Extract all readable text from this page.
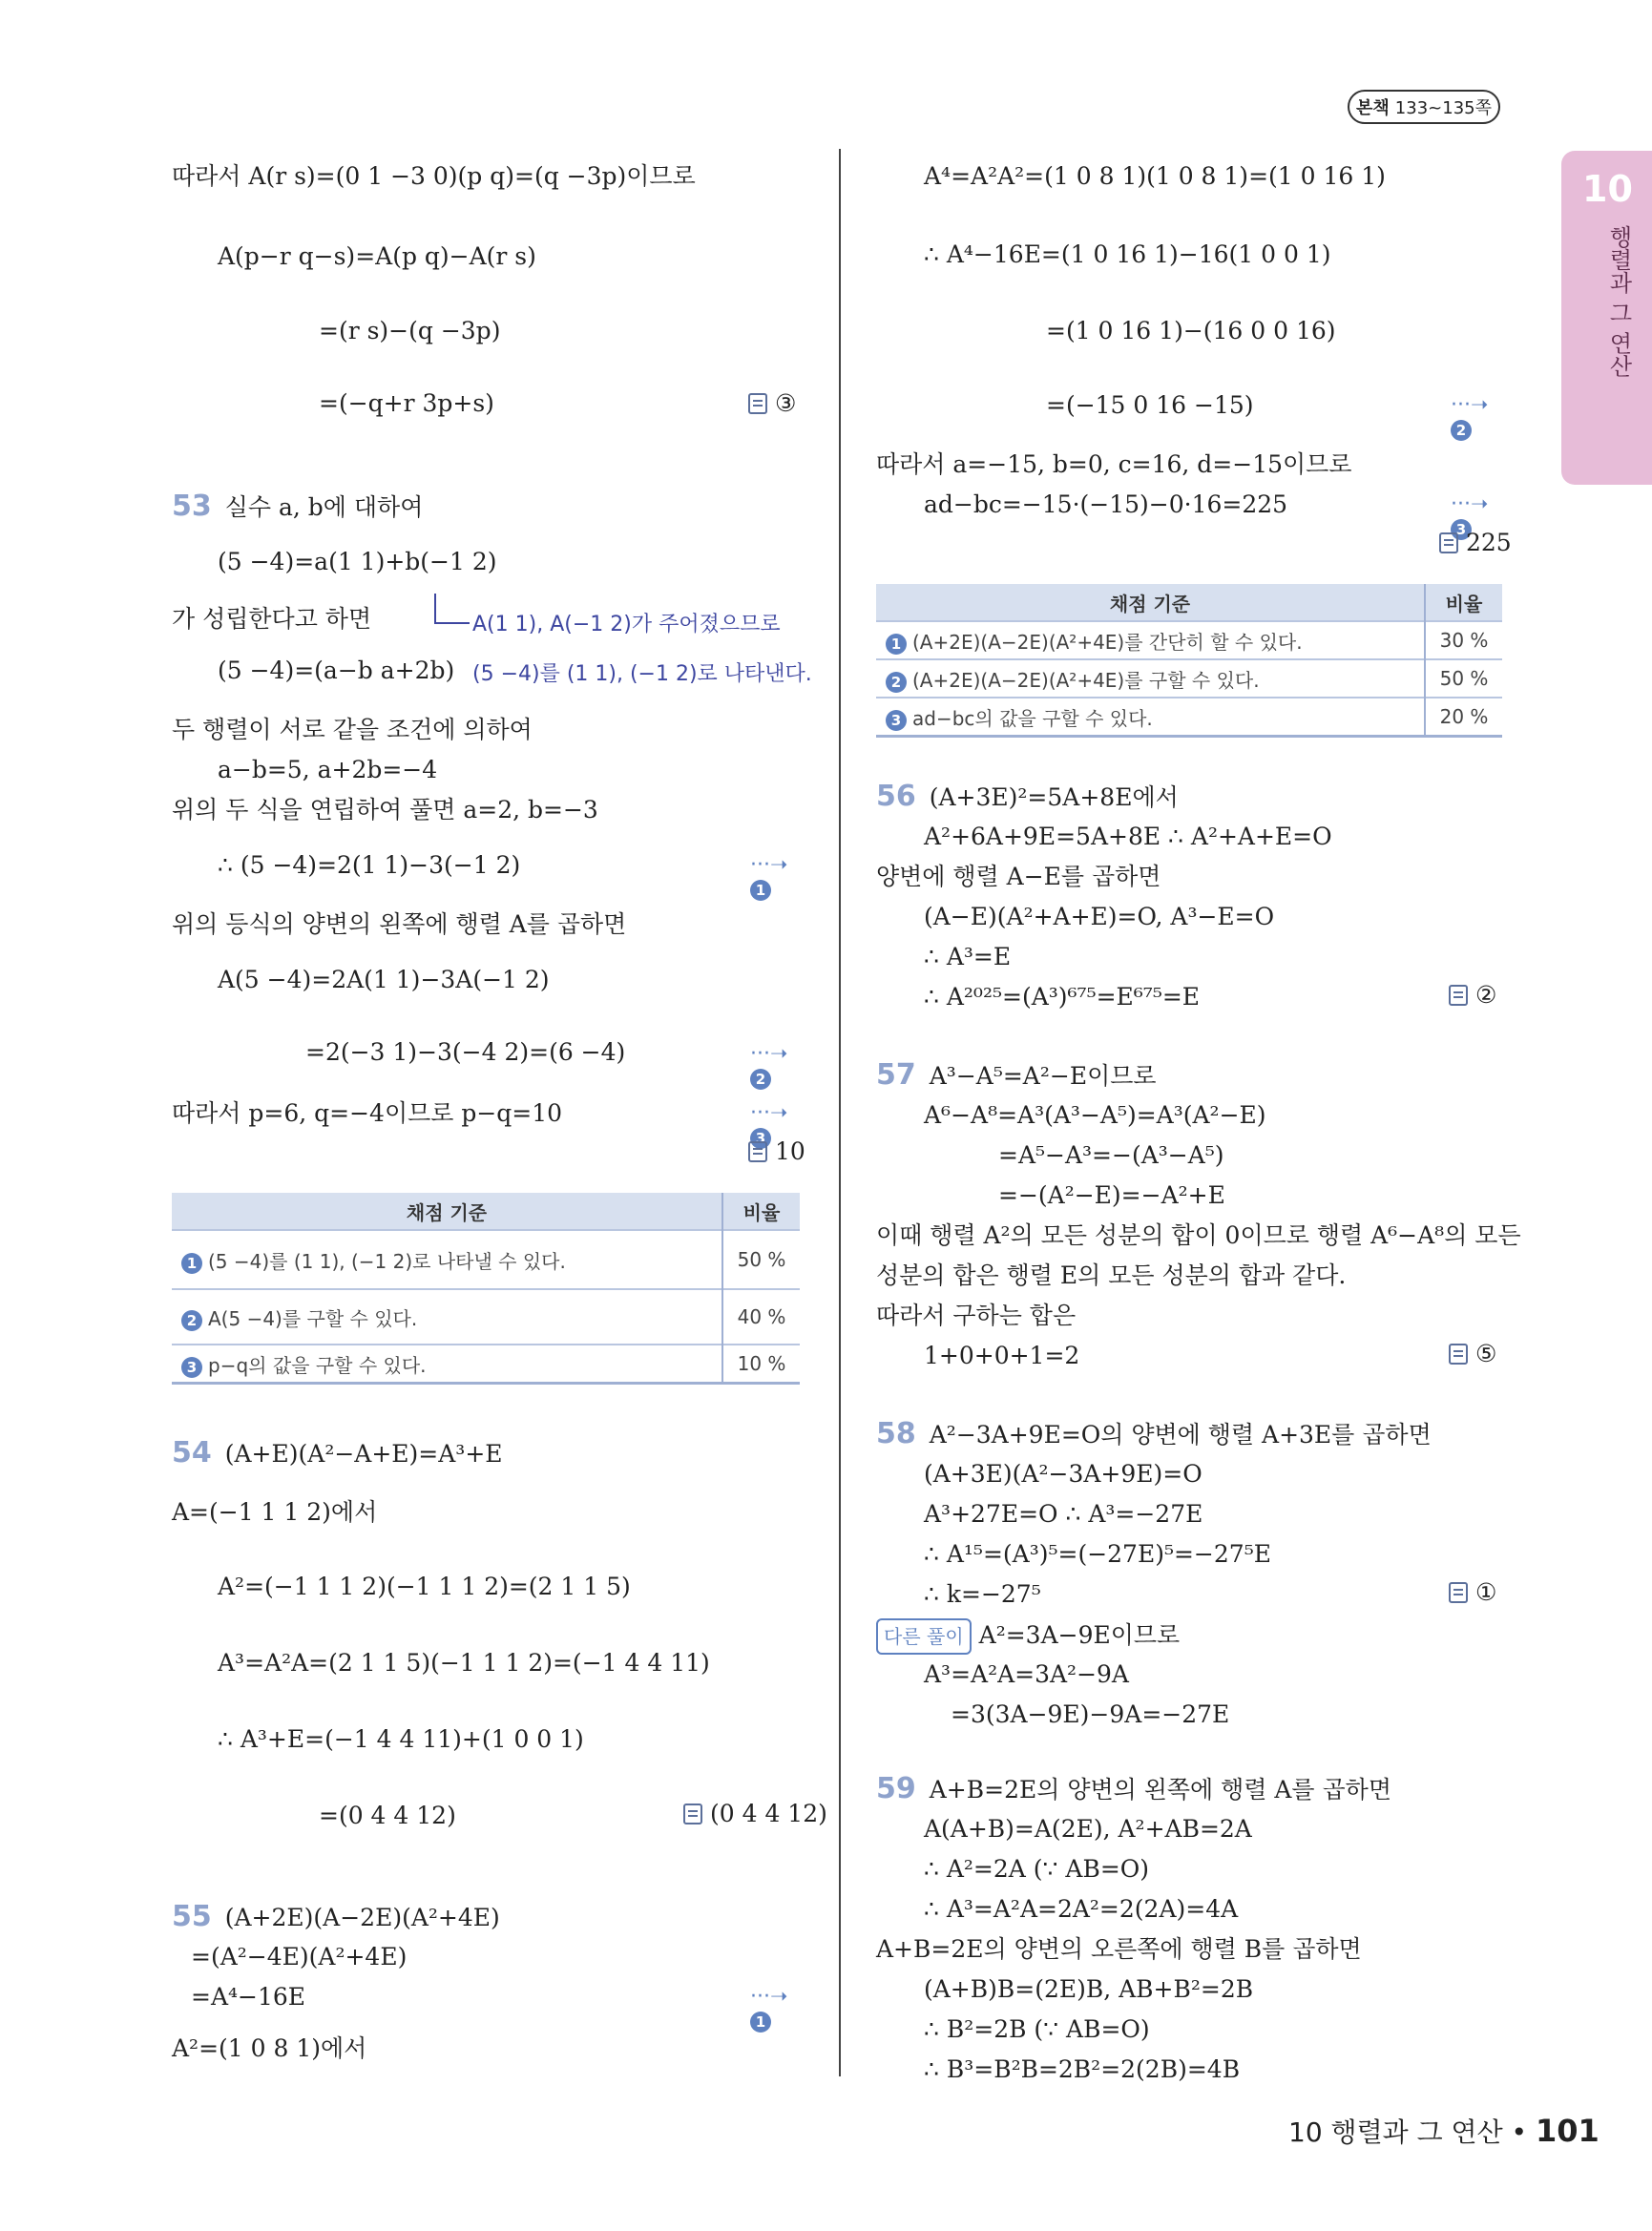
본책 133~135쪽
10
행렬과 그 연산
따라서 A(r s)=(0 1 −3 0)(p q)=(q −3p)이므로
A(p−r q−s)=A(p q)−A(r s)
=(r s)−(q −3p)
=(−q+r 3p+s)	③
53 실수 a, b에 대하여
(5 −4)=a(1 1)+b(−1 2)
가 성립한다고 하면
(5 −4)=(a−b a+2b)
A(1 1), A(−1 2)가 주어졌으므로
(5 −4)를 (1 1), (−1 2)로 나타낸다.
두 행렬이 서로 같을 조건에 의하여
a−b=5, a+2b=−4
위의 두 식을 연립하여 풀면 a=2, b=−3
∴ (5 −4)=2(1 1)−3(−1 2)	···➝ 1
위의 등식의 양변의 왼쪽에 행렬 A를 곱하면
A(5 −4)=2A(1 1)−3A(−1 2)
=2(−3 1)−3(−4 2)=(6 −4)	···➝ 2
따라서 p=6, q=−4이므로 p−q=10	···➝ 3 10
채점 기준	비율
1 (5 −4)를 (1 1), (−1 2)로 나타낼 수 있다.	50 %
2 A(5 −4)를 구할 수 있다.	40 %
3 p−q의 값을 구할 수 있다.	10 %
54 (A+E)(A²−A+E)=A³+E
A=(−1 1 1 2)에서
A²=(−1 1 1 2)(−1 1 1 2)=(2 1 1 5)
A³=A²A=(2 1 1 5)(−1 1 1 2)=(−1 4 4 11)
∴ A³+E=(−1 4 4 11)+(1 0 0 1)
=(0 4 4 12)	(0 4 4 12)
55 (A+2E)(A−2E)(A²+4E)
=(A²−4E)(A²+4E)
=A⁴−16E	···➝ 1
A²=(1 0 8 1)에서
A⁴=A²A²=(1 0 8 1)(1 0 8 1)=(1 0 16 1)
∴ A⁴−16E=(1 0 16 1)−16(1 0 0 1)
=(1 0 16 1)−(16 0 0 16)
=(−15 0 16 −15)	···➝ 2
따라서 a=−15, b=0, c=16, d=−15이므로
ad−bc=−15·(−15)−0·16=225	···➝ 3 225
채점 기준	비율
1 (A+2E)(A−2E)(A²+4E)를 간단히 할 수 있다.	30 %
2 (A+2E)(A−2E)(A²+4E)를 구할 수 있다.	50 %
3 ad−bc의 값을 구할 수 있다.	20 %
56 (A+3E)²=5A+8E에서
A²+6A+9E=5A+8E ∴ A²+A+E=O
양변에 행렬 A−E를 곱하면
(A−E)(A²+A+E)=O, A³−E=O
∴ A³=E
∴ A²⁰²⁵=(A³)⁶⁷⁵=E⁶⁷⁵=E	②
57 A³−A⁵=A²−E이므로
A⁶−A⁸=A³(A³−A⁵)=A³(A²−E)
=A⁵−A³=−(A³−A⁵)
=−(A²−E)=−A²+E
이때 행렬 A²의 모든 성분의 합이 0이므로 행렬 A⁶−A⁸의 모든
성분의 합은 행렬 E의 모든 성분의 합과 같다.
따라서 구하는 합은
1+0+0+1=2	⑤
58 A²−3A+9E=O의 양변에 행렬 A+3E를 곱하면
(A+3E)(A²−3A+9E)=O
A³+27E=O ∴ A³=−27E
∴ A¹⁵=(A³)⁵=(−27E)⁵=−27⁵E
∴ k=−27⁵	①
다른 풀이 A²=3A−9E이므로
A³=A²A=3A²−9A
=3(3A−9E)−9A=−27E
59 A+B=2E의 양변의 왼쪽에 행렬 A를 곱하면
A(A+B)=A(2E), A²+AB=2A
∴ A²=2A (∵ AB=O)
∴ A³=A²A=2A²=2(2A)=4A
A+B=2E의 양변의 오른쪽에 행렬 B를 곱하면
(A+B)B=(2E)B, AB+B²=2B
∴ B²=2B (∵ AB=O)
∴ B³=B²B=2B²=2(2B)=4B
10 행렬과 그 연산 • 101
